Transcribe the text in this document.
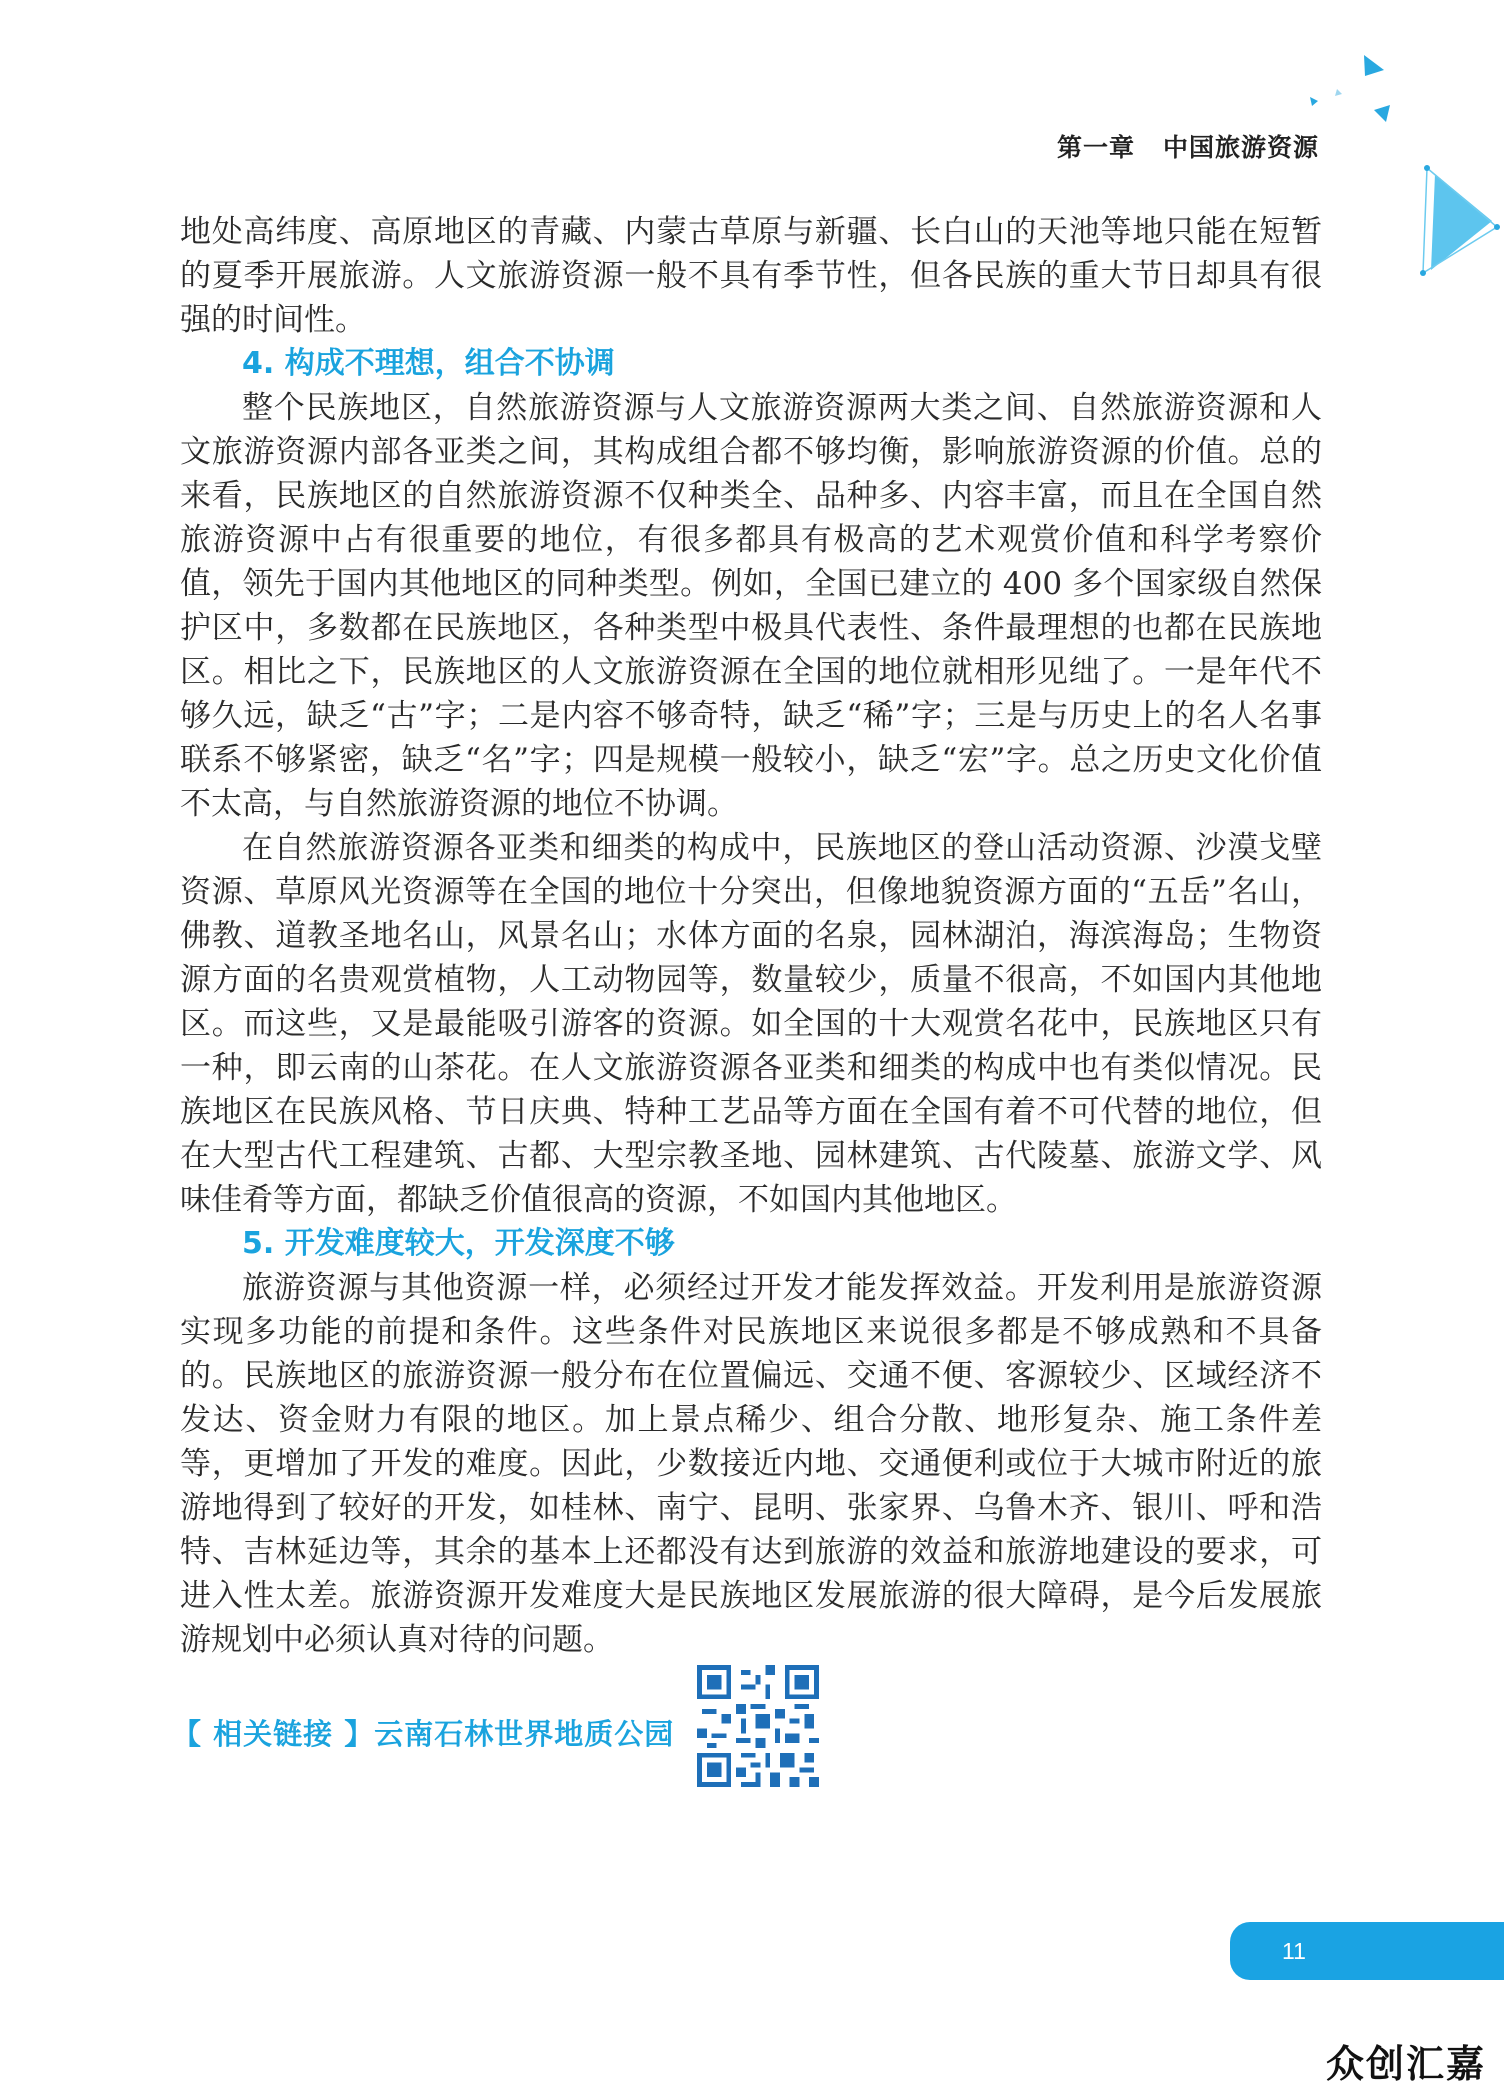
第一章 中国旅游资源

地处高纬度、高原地区的青藏、内蒙古草原与新疆、长白山的天池等地只能在短暂的夏季开展旅游。人文旅游资源一般不具有季节性，但各民族的重大节日却具有很强的时间性。

4. 构成不理想，组合不协调

整个民族地区，自然旅游资源与人文旅游资源两大类之间、自然旅游资源和人文旅游资源内部各亚类之间，其构成组合都不够均衡，影响旅游资源的价值。总的来看，民族地区的自然旅游资源不仅种类全、品种多、内容丰富，而且在全国自然旅游资源中占有很重要的地位，有很多都具有极高的艺术观赏价值和科学考察价值，领先于国内其他地区的同种类型。例如，全国已建立的 400 多个国家级自然保护区中，多数都在民族地区，各种类型中极具代表性、条件最理想的也都在民族地区。相比之下，民族地区的人文旅游资源在全国的地位就相形见绌了。一是年代不够久远，缺乏“古”字；二是内容不够奇特，缺乏“稀”字；三是与历史上的名人名事联系不够紧密，缺乏“名”字；四是规模一般较小，缺乏“宏”字。总之历史文化价值不太高，与自然旅游资源的地位不协调。

在自然旅游资源各亚类和细类的构成中，民族地区的登山活动资源、沙漠戈壁资源、草原风光资源等在全国的地位十分突出，但像地貌资源方面的“五岳”名山，佛教、道教圣地名山，风景名山；水体方面的名泉，园林湖泊，海滨海岛；生物资源方面的名贵观赏植物，人工动物园等，数量较少，质量不很高，不如国内其他地区。而这些，又是最能吸引游客的资源。如全国的十大观赏名花中，民族地区只有一种，即云南的山茶花。在人文旅游资源各亚类和细类的构成中也有类似情况。民族地区在民族风格、节日庆典、特种工艺品等方面在全国有着不可代替的地位，但在大型古代工程建筑、古都、大型宗教圣地、园林建筑、古代陵墓、旅游文学、风味佳肴等方面，都缺乏价值很高的资源，不如国内其他地区。

5. 开发难度较大，开发深度不够

旅游资源与其他资源一样，必须经过开发才能发挥效益。开发利用是旅游资源实现多功能的前提和条件。这些条件对民族地区来说很多都是不够成熟和不具备的。民族地区的旅游资源一般分布在位置偏远、交通不便、客源较少、区域经济不发达、资金财力有限的地区。加上景点稀少、组合分散、地形复杂、施工条件差等，更增加了开发的难度。因此，少数接近内地、交通便利或位于大城市附近的旅游地得到了较好的开发，如桂林、南宁、昆明、张家界、乌鲁木齐、银川、呼和浩特、吉林延边等，其余的基本上还都没有达到旅游的效益和旅游地建设的要求，可进入性太差。旅游资源开发难度大是民族地区发展旅游的很大障碍，是今后发展旅游规划中必须认真对待的问题。

【 相关链接 】云南石林世界地质公园
11
众创汇嘉
